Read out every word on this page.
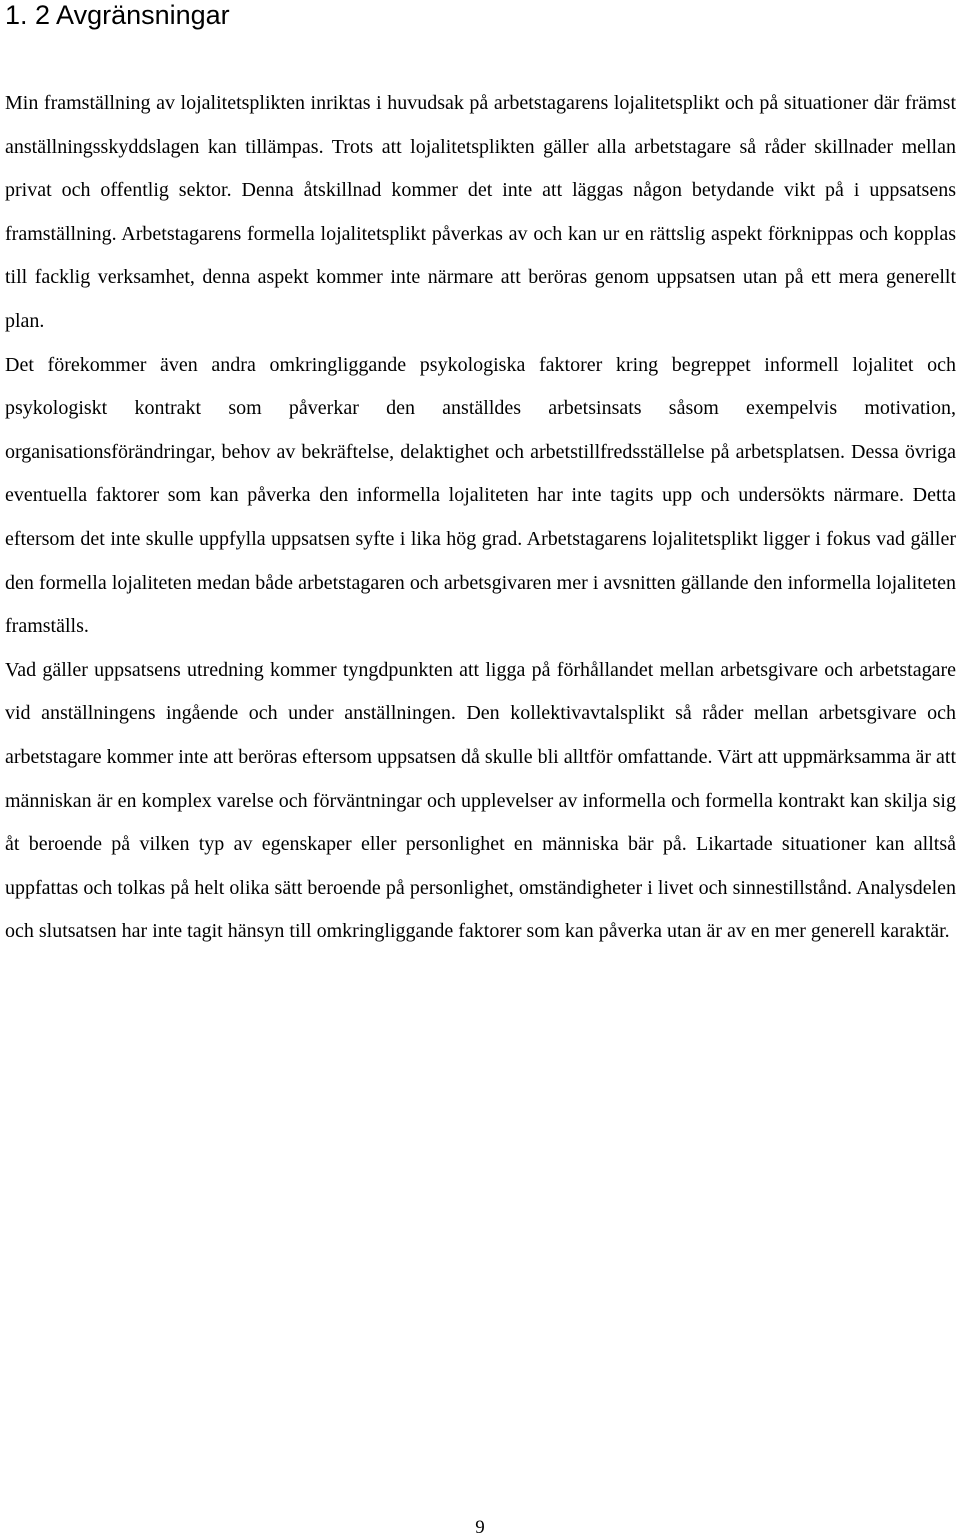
1. 2 Avgränsningar

Min framställning av lojalitetsplikten inriktas i huvudsak på arbetstagarens lojalitetsplikt och på situationer där främst anställningsskyddslagen kan tillämpas. Trots att lojalitetsplikten gäller alla arbetstagare så råder skillnader mellan privat och offentlig sektor. Denna åtskillnad kommer det inte att läggas någon betydande vikt på i uppsatsens framställning. Arbetstagarens formella lojalitetsplikt påverkas av och kan ur en rättslig aspekt förknippas och kopplas till facklig verksamhet, denna aspekt kommer inte närmare att beröras genom uppsatsen utan på ett mera generellt plan.

Det förekommer även andra omkringliggande psykologiska faktorer kring begreppet informell lojalitet och psykologiskt kontrakt som påverkar den anställdes arbetsinsats såsom exempelvis motivation, organisationsförändringar, behov av bekräftelse, delaktighet och arbetstillfredsställelse på arbetsplatsen. Dessa övriga eventuella faktorer som kan påverka den informella lojaliteten har inte tagits upp och undersökts närmare. Detta eftersom det inte skulle uppfylla uppsatsen syfte i lika hög grad. Arbetstagarens lojalitetsplikt ligger i fokus vad gäller den formella lojaliteten medan både arbetstagaren och arbetsgivaren mer i avsnitten gällande den informella lojaliteten framställs.

Vad gäller uppsatsens utredning kommer tyngdpunkten att ligga på förhållandet mellan arbetsgivare och arbetstagare vid anställningens ingående och under anställningen. Den kollektivavtalsplikt så råder mellan arbetsgivare och arbetstagare kommer inte att beröras eftersom uppsatsen då skulle bli alltför omfattande. Värt att uppmärksamma är att människan är en komplex varelse och förväntningar och upplevelser av informella och formella kontrakt kan skilja sig åt beroende på vilken typ av egenskaper eller personlighet en människa bär på. Likartade situationer kan alltså uppfattas och tolkas på helt olika sätt beroende på personlighet, omständigheter i livet och sinnestillstånd. Analysdelen och slutsatsen har inte tagit hänsyn till omkringliggande faktorer som kan påverka utan är av en mer generell karaktär.

9
